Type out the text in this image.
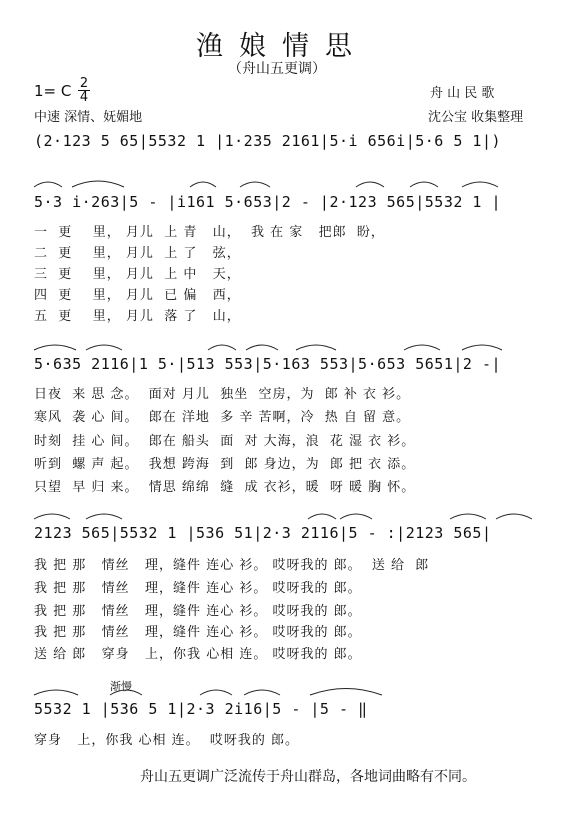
渔娘情思
（舟山五更调）
1= C 2
4
中速 深情、妩媚地
舟 山 民 歌
沈公宝 收集整理
(2·123 5 65|5532 1 |1·235 2161|5·i 656i|5·6 5 1|)
5·3 i·263|5 - |i161 5·653|2 - |2·123 565|5532 1 |
一  更    里， 月儿  上 青   山，  我 在 家   把郎  盼，
二  更    里， 月儿  上 了   弦，
三  更    里， 月儿  上 中   天，
四  更    里， 月儿  已 偏   西，
五  更    里， 月儿  落 了   山，
5·635 2116|1 5·|513 553|5·163 553|5·653 5651|2 -|
日夜  来 思 念。  面对 月儿  独坐  空房，为  郎 补 衣 衫。
寒风  袭 心 间。  郎在 洋地  多 辛 苦啊，冷  热 自 留 意。
时刻  挂 心 间。  郎在 船头  面  对 大海，浪  花 湿 衣 衫。
听到  螺 声 起。  我想 跨海  到  郎 身边，为  郎 把 衣 添。
只望  早 归 来。  情思 绵绵  缝  成 衣衫，暖  呀 暖 胸 怀。
2123 565|5532 1 |536 51|2·3 2116|5 - :|2123 565|
我 把 那   情丝   理，缝件 连心 衫。 哎呀我的 郎。  送 给  郎
我 把 那   情丝   理，缝件 连心 衫。 哎呀我的 郎。
我 把 那   情丝   理，缝件 连心 衫。 哎呀我的 郎。
我 把 那   情丝   理，缝件 连心 衫。 哎呀我的 郎。
送 给 郎   穿身   上，你我 心相 连。 哎呀我的 郎。
渐慢
5532 1 |536 5 1|2·3 2i16|5 - |5 - ‖
穿身   上，你我 心相 连。  哎呀我的 郎。
舟山五更调广泛流传于舟山群岛，各地词曲略有不同。
